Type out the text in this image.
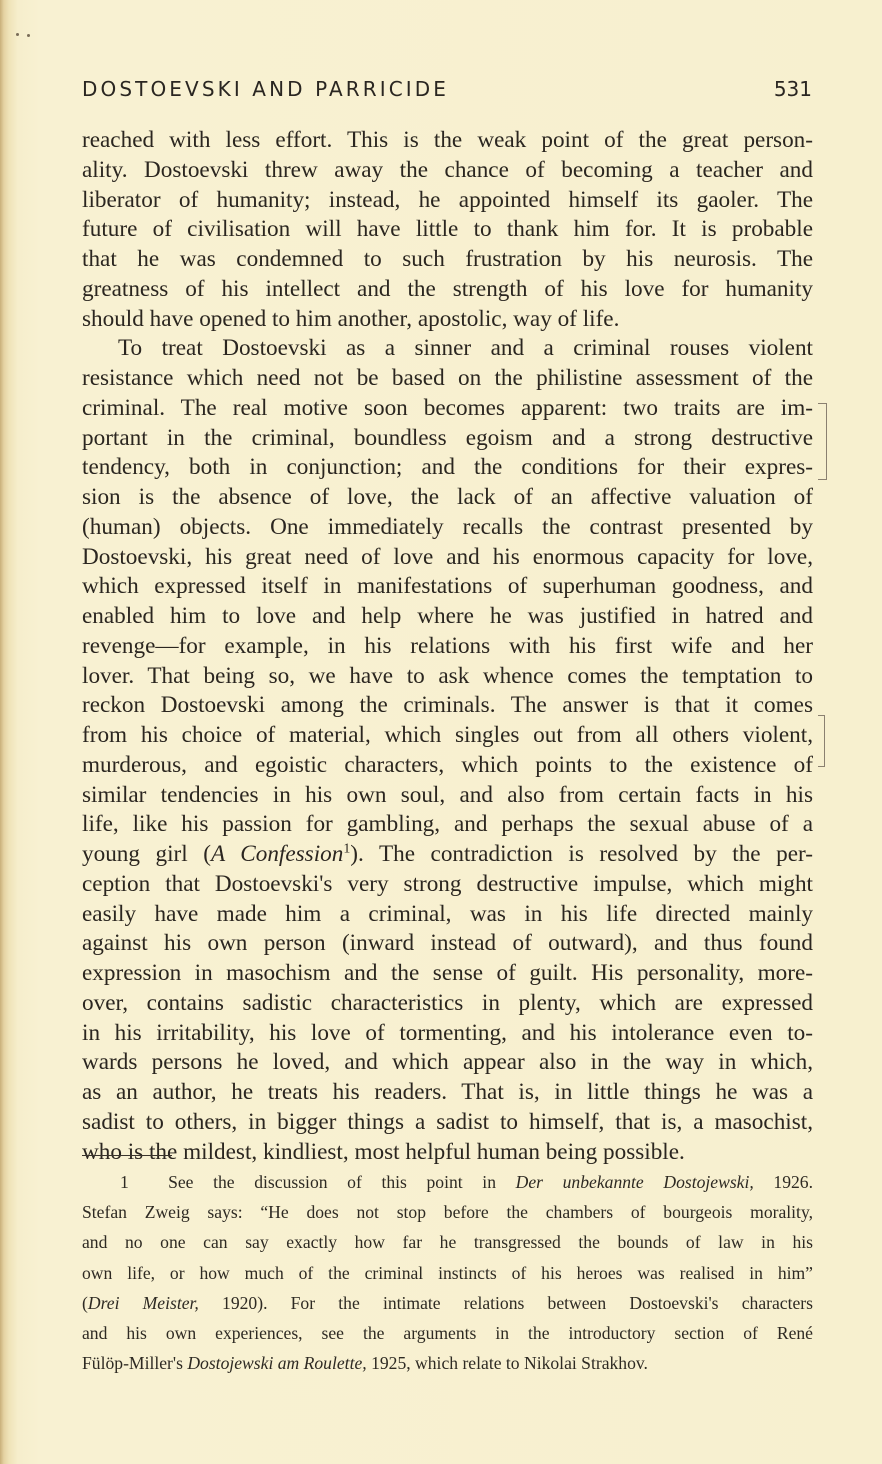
DOSTOEVSKI AND PARRICIDE	531
reached with less effort. This is the weak point of the great person-
ality. Dostoevski threw away the chance of becoming a teacher and
liberator of humanity; instead, he appointed himself its gaoler. The
future of civilisation will have little to thank him for. It is probable
that he was condemned to such frustration by his neurosis. The
greatness of his intellect and the strength of his love for humanity
should have opened to him another, apostolic, way of life.
To treat Dostoevski as a sinner and a criminal rouses violent
resistance which need not be based on the philistine assessment of the
criminal. The real motive soon becomes apparent: two traits are im-
portant in the criminal, boundless egoism and a strong destructive
tendency, both in conjunction; and the conditions for their expres-
sion is the absence of love, the lack of an affective valuation of
(human) objects. One immediately recalls the contrast presented by
Dostoevski, his great need of love and his enormous capacity for love,
which expressed itself in manifestations of superhuman goodness, and
enabled him to love and help where he was justified in hatred and
revenge—for example, in his relations with his first wife and her
lover. That being so, we have to ask whence comes the temptation to
reckon Dostoevski among the criminals. The answer is that it comes
from his choice of material, which singles out from all others violent,
murderous, and egoistic characters, which points to the existence of
similar tendencies in his own soul, and also from certain facts in his
life, like his passion for gambling, and perhaps the sexual abuse of a
young girl (A Confession$^1$). The contradiction is resolved by the per-
ception that Dostoevski's very strong destructive impulse, which might
easily have made him a criminal, was in his life directed mainly
against his own person (inward instead of outward), and thus found
expression in masochism and the sense of guilt. His personality, more-
over, contains sadistic characteristics in plenty, which are expressed
in his irritability, his love of tormenting, and his intolerance even to-
wards persons he loved, and which appear also in the way in which,
as an author, he treats his readers. That is, in little things he was a
sadist to others, in bigger things a sadist to himself, that is, a masochist,
who is the mildest, kindliest, most helpful human being possible.
1 See the discussion of this point in Der unbekannte Dostojewski, 1926.
Stefan Zweig says: “He does not stop before the chambers of bourgeois morality,
and no one can say exactly how far he transgressed the bounds of law in his
own life, or how much of the criminal instincts of his heroes was realised in him”
(Drei Meister, 1920). For the intimate relations between Dostoevski's characters
and his own experiences, see the arguments in the introductory section of René
Fülöp-Miller's Dostojewski am Roulette, 1925, which relate to Nikolai Strakhov.
